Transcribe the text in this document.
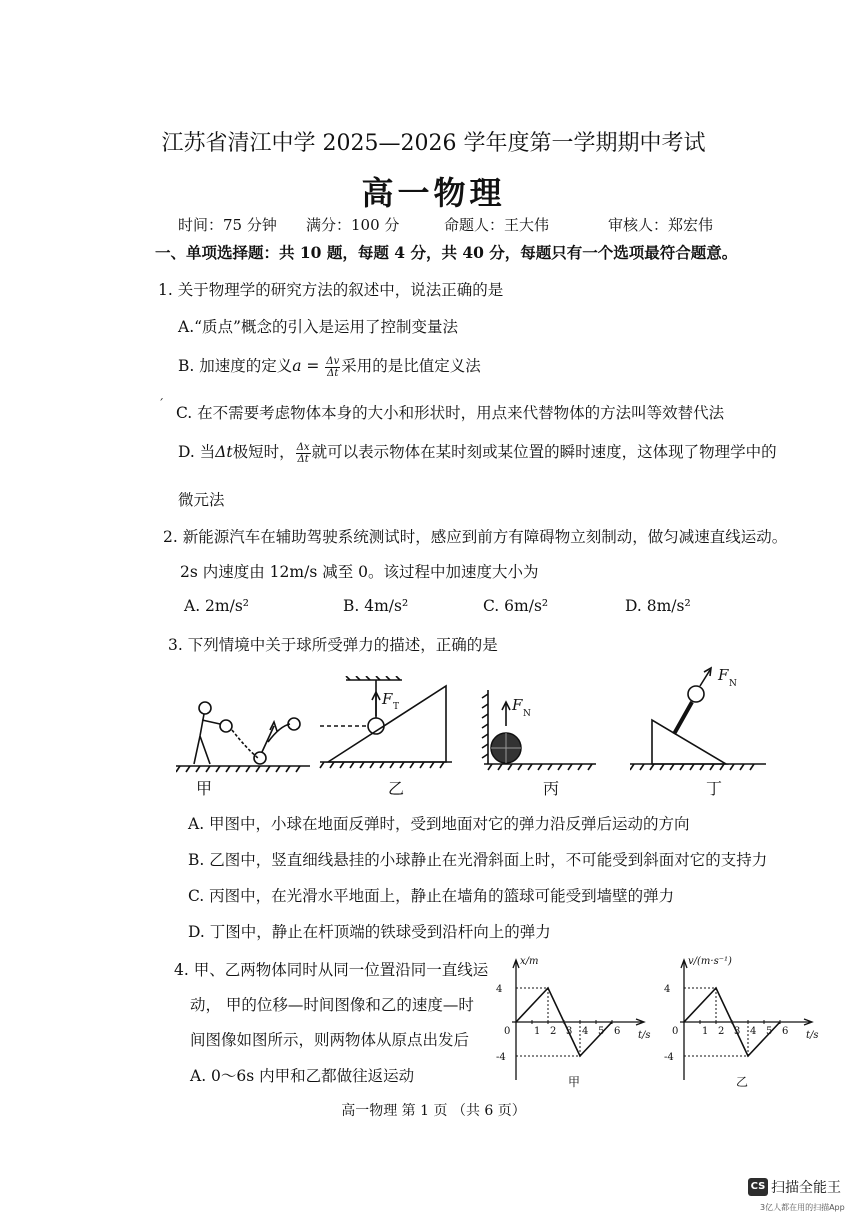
江苏省清江中学 2025—2026 学年度第一学期期中考试
高一物理
时间：75 分钟 满分：100 分	命题人：王大伟	审核人：郑宏伟
一、单项选择题：共 10 题，每题 4 分，共 40 分，每题只有一个选项最符合题意。
1. 关于物理学的研究方法的叙述中，说法正确的是
A.“质点”概念的引入是运用了控制变量法
B. 加速度的定义$a = \frac{\Delta v}{\Delta t}$ 采用的是比值定义法
ˊ C. 在不需要考虑物体本身的大小和形状时，用点来代替物体的方法叫等效替代法
D. 当Δt极短时， $\frac{\Delta x}{\Delta t}$ 就可以表示物体在某时刻或某位置的瞬时速度，这体现了物理学中的
微元法
2. 新能源汽车在辅助驾驶系统测试时，感应到前方有障碍物立刻制动，做匀减速直线运动。
2s 内速度由 12m/s 减至 0。该过程中加速度大小为
A. 2m/s²	B. 4m/s²	C. 6m/s²	D. 8m/s²
3. 下列情境中关于球所受弹力的描述，正确的是
F T	F N
F N
甲	乙	丙	丁
A. 甲图中，小球在地面反弹时，受到地面对它的弹力沿反弹后运动的方向
B. 乙图中，竖直细线悬挂的小球静止在光滑斜面上时，不可能受到斜面对它的支持力
C. 丙图中，在光滑水平地面上，静止在墙角的篮球可能受到墙壁的弹力
D. 丁图中，静止在杆顶端的铁球受到沿杆向上的弹力
4. 甲、乙两物体同时从同一位置沿同一直线运
动， 甲的位移—时间图像和乙的速度—时
间图像如图所示，则两物体从原点出发后
A. 0～6s 内甲和乙都做往返运动
x/m
t/s
0 1 2 3 4 5 6
4
-4
甲
v/(m·s⁻¹)
t/s
0 1 2 3 4 5 6
4
-4
乙
高一物理 第 1 页 （共 6 页）
CS 扫描全能王
3亿人都在用的扫描App
